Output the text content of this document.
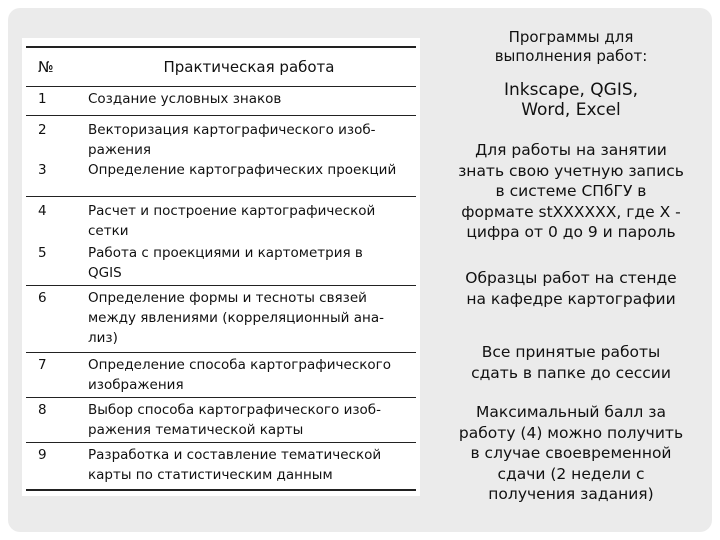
№	Практическая работа
1	Создание условных знаков

2	Векторизация картографического изоб-
ражения

3	Определение картографических проекций

4	Расчет и построение картографической
сетки

5	Работа с проекциями и картометрия в
QGIS

6	Определение формы и тесноты связей
между явлениями (корреляционный ана-
лиз)

7	Определение способа картографического
изображения

8	Выбор способа картографического изоб-
ражения тематической карты

9	Разработка и составление тематической
карты по статистическим данным
Программы для
выполнения работ:
Inkscape, QGIS,
Word, Excel
Для работы на занятии
знать свою учетную запись
в системе СПбГУ в
формате stXXXXXX, где Х -
цифра от 0 до 9 и пароль
Образцы работ на стенде
на кафедре картографии
Все принятые работы
сдать в папке до сессии
Максимальный балл за
работу (4) можно получить
в случае своевременной
сдачи (2 недели с
получения задания)
